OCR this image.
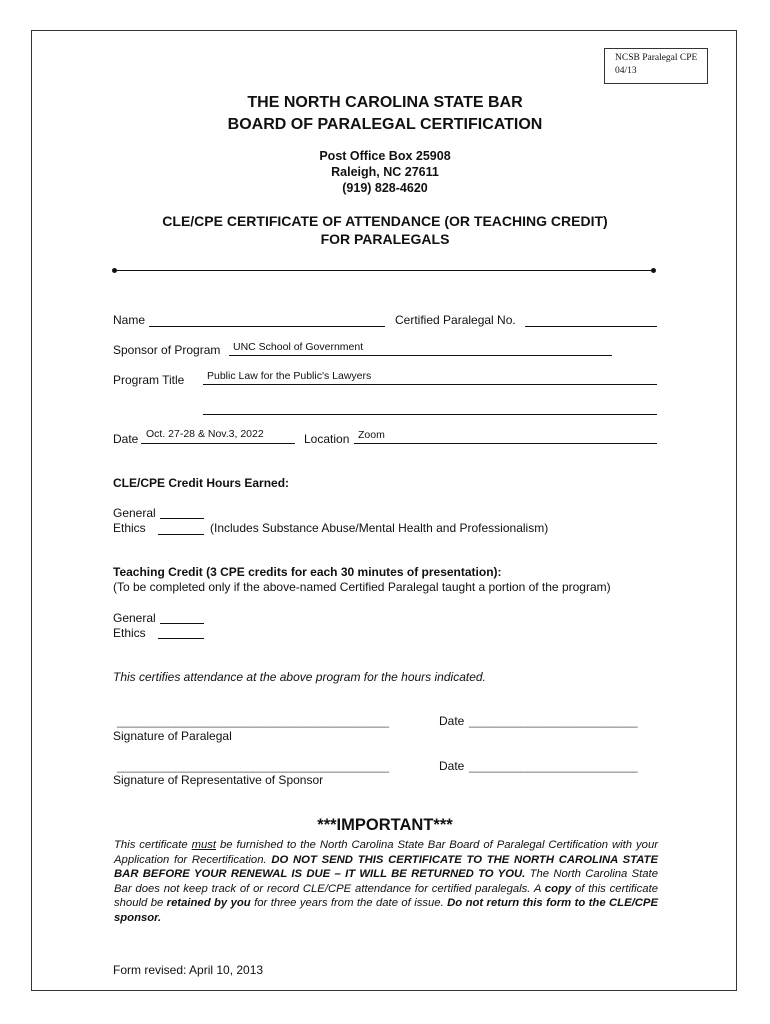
NCSB Paralegal CPE
04/13
THE NORTH CAROLINA STATE BAR
BOARD OF PARALEGAL CERTIFICATION
Post Office Box 25908
Raleigh, NC 27611
(919) 828-4620
CLE/CPE CERTIFICATE OF ATTENDANCE (OR TEACHING CREDIT)
FOR PARALEGALS
Name	Certified Paralegal No.
Sponsor of Program UNC School of Government
Program Title Public Law for the Public's Lawyers
Date Oct. 27-28 & Nov.3, 2022	Location Zoom
CLE/CPE Credit Hours Earned:
General
Ethics	(Includes Substance Abuse/Mental Health and Professionalism)
Teaching Credit (3 CPE credits for each 30 minutes of presentation):
(To be completed only if the above-named Certified Paralegal taught a portion of the program)
General
Ethics
This certifies attendance at the above program for the hours indicated.
__________________________________________	Date __________________________
Signature of Paralegal
__________________________________________	Date __________________________
Signature of Representative of Sponsor
***IMPORTANT***
This certificate must be furnished to the North Carolina State Bar Board of Paralegal Certification with your Application for Recertification. DO NOT SEND THIS CERTIFICATE TO THE NORTH CAROLINA STATE BAR BEFORE YOUR RENEWAL IS DUE – IT WILL BE RETURNED TO YOU. The North Carolina State Bar does not keep track of or record CLE/CPE attendance for certified paralegals. A copy of this certificate should be retained by you for three years from the date of issue. Do not return this form to the CLE/CPE sponsor.
Form revised: April 10, 2013
